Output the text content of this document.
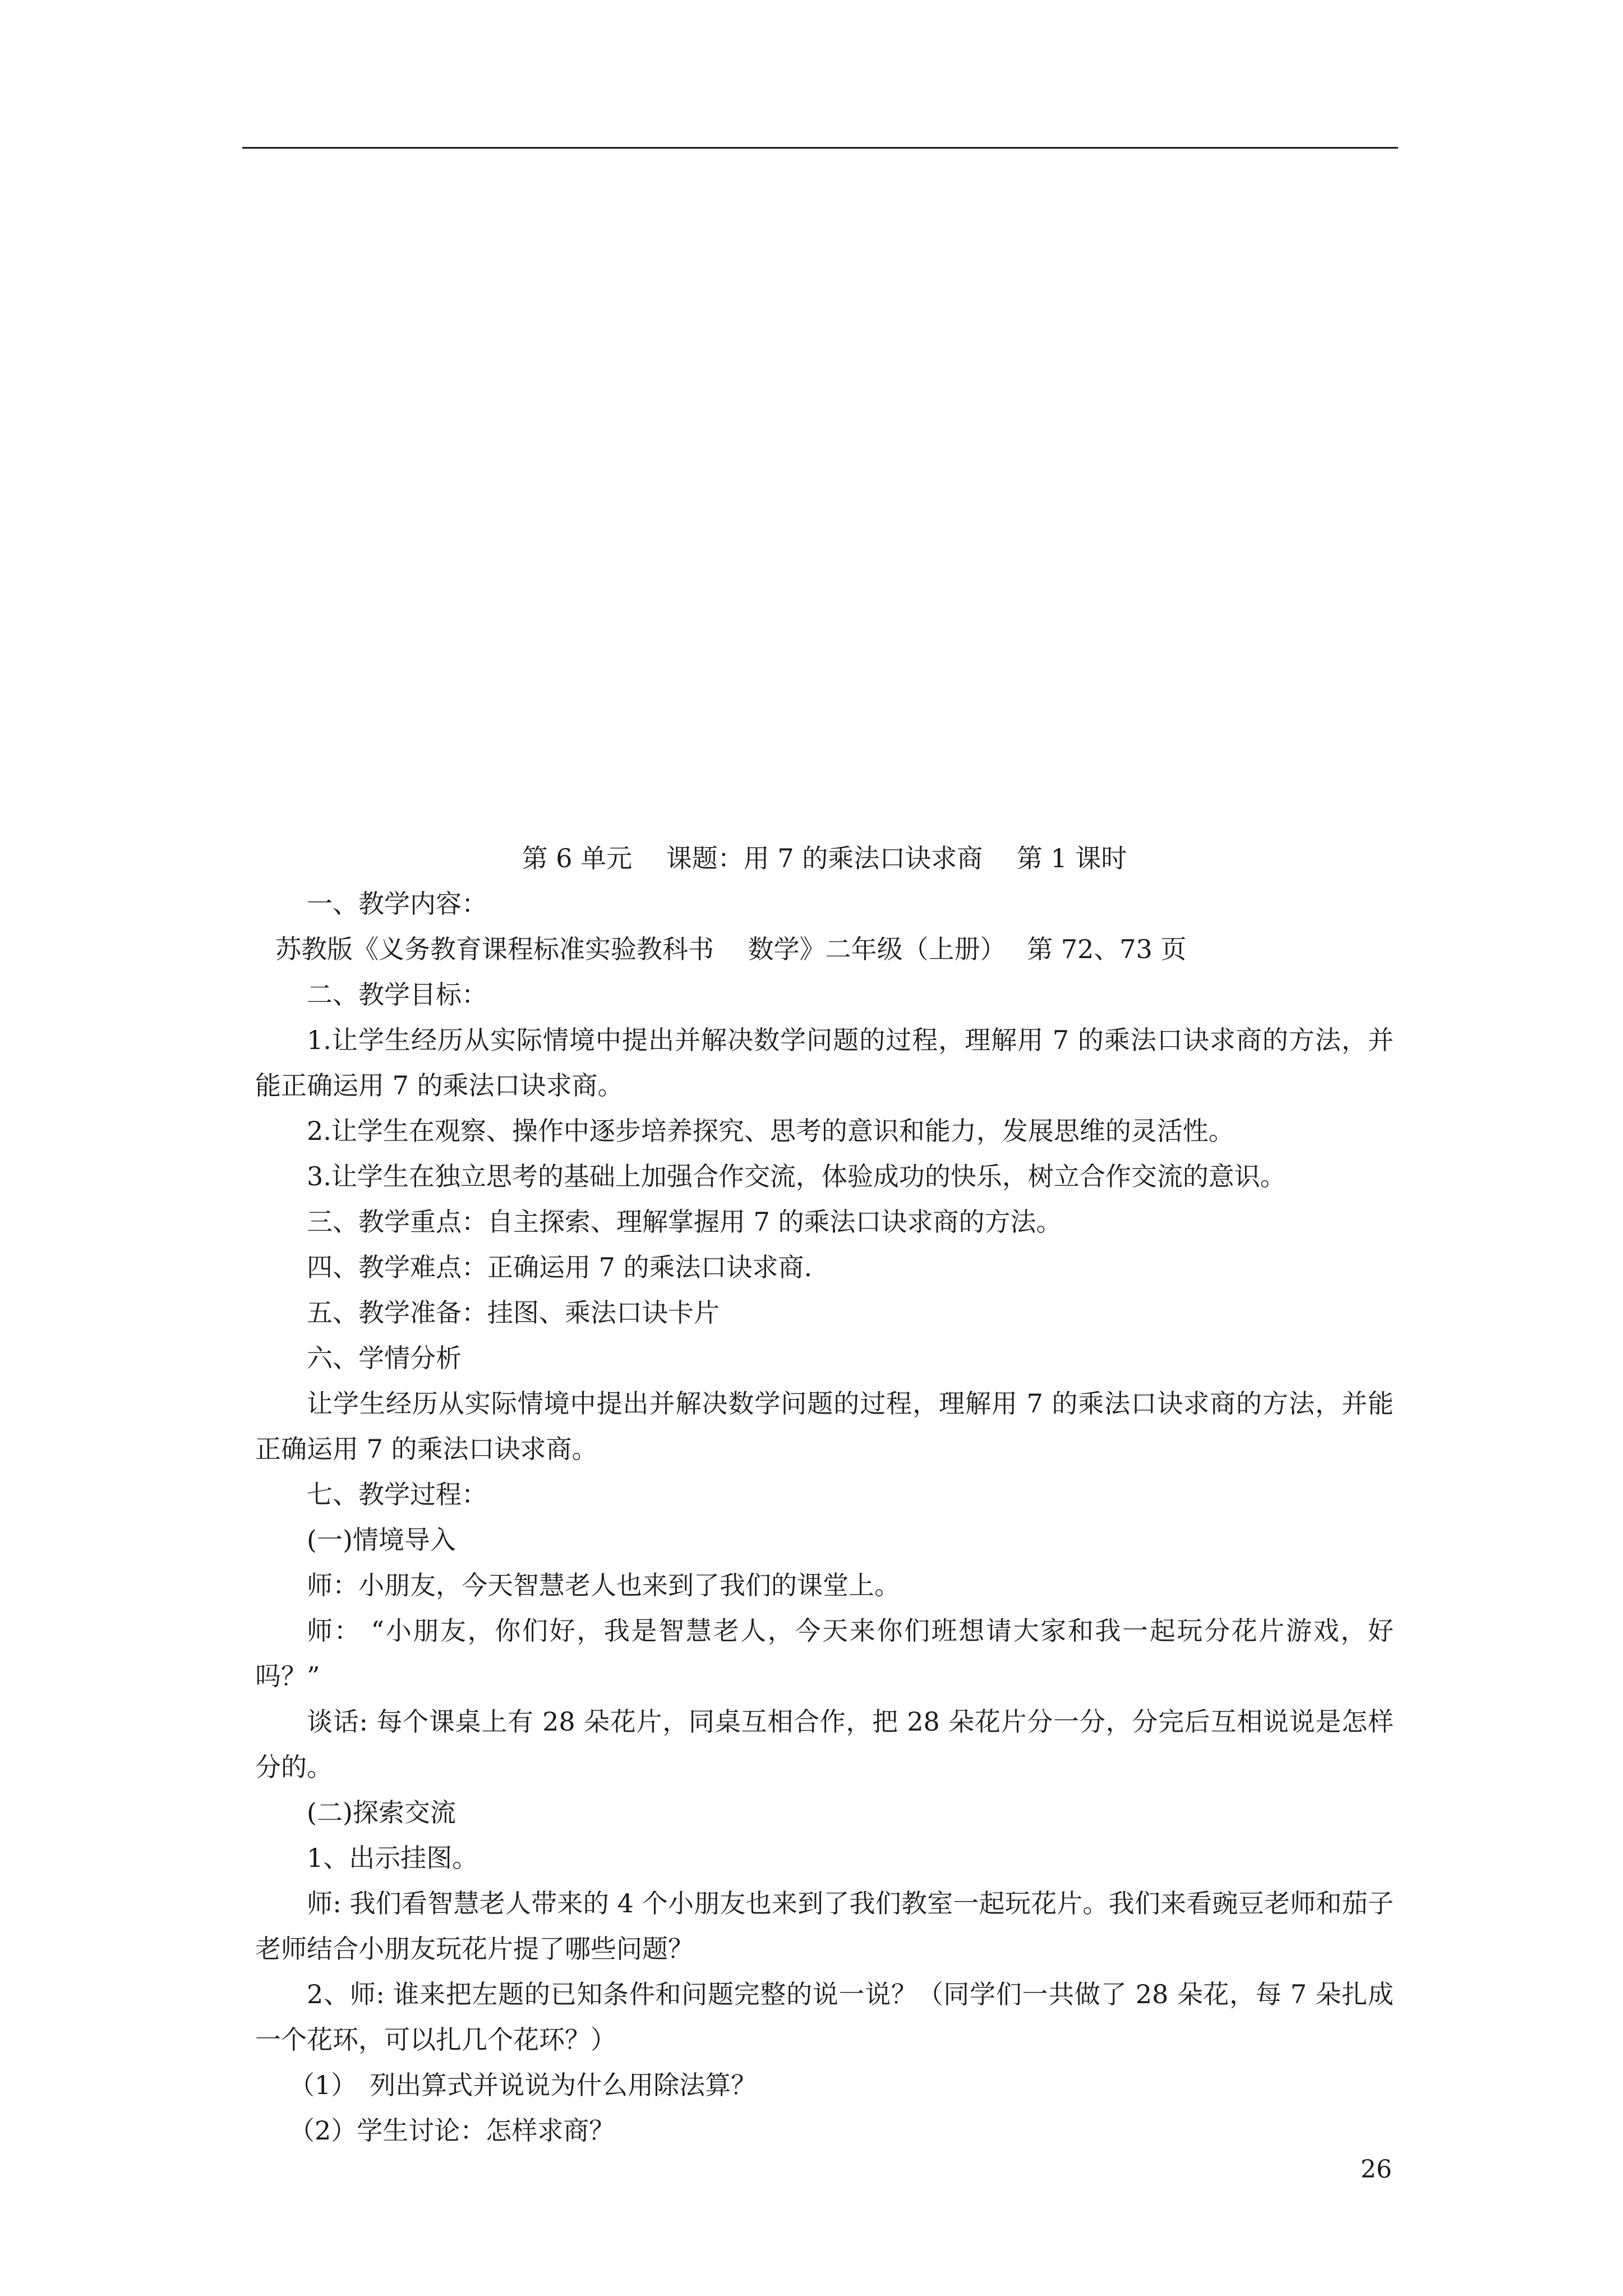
第 6 单元　 课题：用 7 的乘法口诀求商　 第 1 课时

一、教学内容：

苏教版《义务教育课程标准实验教科书　 数学》二年级（上册）　 第 72、73 页

二、教学目标：

1.让学生经历从实际情境中提出并解决数学问题的过程，理解用 7 的乘法口诀求商的方法，并能正确运用 7 的乘法口诀求商。

2.让学生在观察、操作中逐步培养探究、思考的意识和能力，发展思维的灵活性。

3.让学生在独立思考的基础上加强合作交流，体验成功的快乐，树立合作交流的意识。

三、教学重点：自主探索、理解掌握用 7 的乘法口诀求商的方法。

四、教学难点：正确运用 7 的乘法口诀求商.

五、教学准备：挂图、乘法口诀卡片

六、学情分析

让学生经历从实际情境中提出并解决数学问题的过程，理解用 7 的乘法口诀求商的方法，并能正确运用 7 的乘法口诀求商。

七、教学过程：

(一)情境导入

师：小朋友，今天智慧老人也来到了我们的课堂上。

师： “小朋友，你们好，我是智慧老人，今天来你们班想请大家和我一起玩分花片游戏，好吗？”

谈话: 每个课桌上有 28 朵花片，同桌互相合作，把 28 朵花片分一分，分完后互相说说是怎样分的。

(二)探索交流

1、出示挂图。

师: 我们看智慧老人带来的 4 个小朋友也来到了我们教室一起玩花片。我们来看豌豆老师和茄子老师结合小朋友玩花片提了哪些问题？

2、师: 谁来把左题的已知条件和问题完整的说一说？（同学们一共做了 28 朵花，每 7 朵扎成一个花环，可以扎几个花环？）

（1）　列出算式并说说为什么用除法算？

（2）学生讨论：怎样求商？

26
